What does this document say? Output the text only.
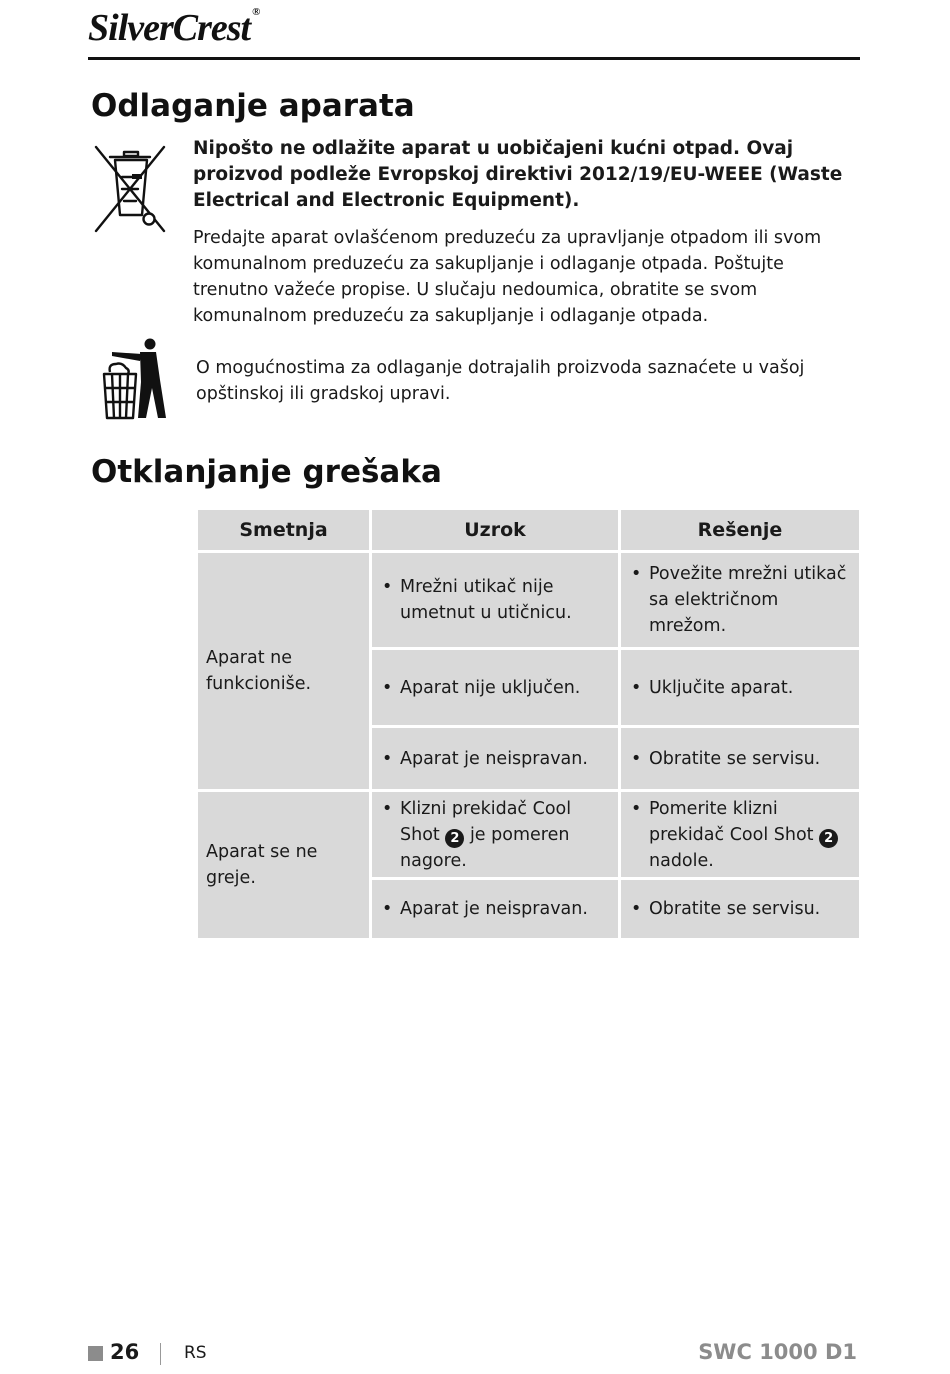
SilverCrest ®
Odlaganje aparata

Nipošto ne odlažite aparat u uobičajeni kućni otpad. Ovaj proizvod podleže Evropskoj direktivi 2012/19/EU-WEEE (Waste Electrical and Electronic Equipment).

Predajte aparat ovlašćenom preduzeću za upravljanje otpadom ili svom komunalnom preduzeću za sakupljanje i odlaganje otpada. Poštujte trenutno važeće propise. U slučaju nedoumica, obratite se svom komunalnom preduzeću za sakupljanje i odlaganje otpada.

O mogućnostima za odlaganje dotrajalih proizvoda saznaćete u vašoj opštinskoj ili gradskoj upravi.

Otklanjanje grešaka
Smetnja	Uzrok	Rešenje
Aparat ne funkcioniše.	• Mrežni utikač nije umetnut u utičnicu.	• Povežite mrežni utikač sa električnom mrežom.

	• Aparat nije uključen.	• Uključite aparat.

	• Aparat je neispravan.	• Obratite se servisu.

Aparat se ne greje.	• Klizni prekidač Cool Shot 2 je pomeren nagore.	• Pomerite klizni prekidač Cool Shot 2 nadole.

	• Aparat je neispravan.	• Obratite se servisu.
26	RS	SWC 1000 D1
